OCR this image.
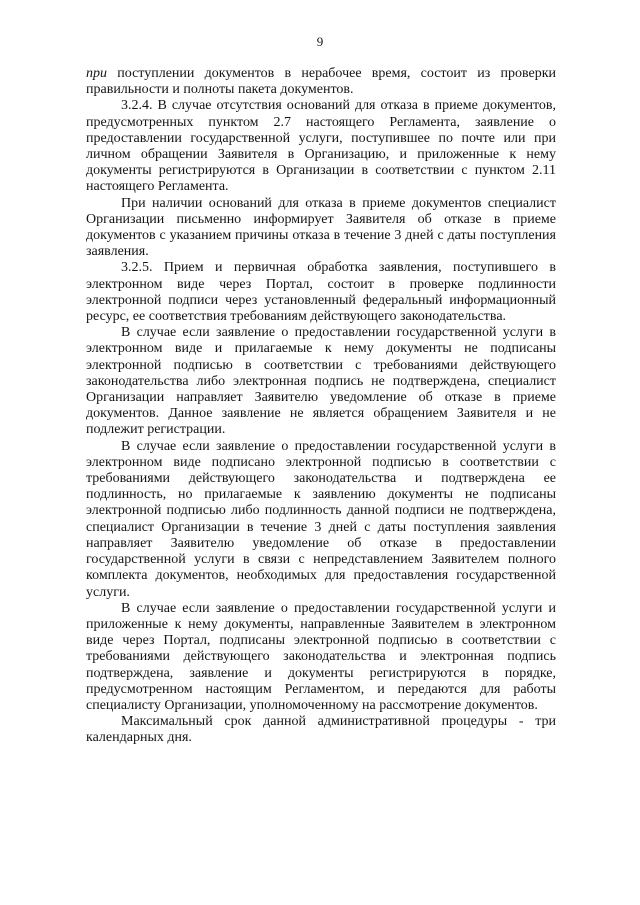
9

при поступлении документов в нерабочее время, состоит из проверки правильности и полноты пакета документов.

3.2.4. В случае отсутствия оснований для отказа в приеме документов, предусмотренных пунктом 2.7 настоящего Регламента, заявление о предоставлении государственной услуги, поступившее по почте или при личном обращении Заявителя в Организацию, и приложенные к нему документы регистрируются в Организации в соответствии с пунктом 2.11 настоящего Регламента.

При наличии оснований для отказа в приеме документов специалист Организации письменно информирует Заявителя об отказе в приеме документов с указанием причины отказа в течение 3 дней с даты поступления заявления.

3.2.5. Прием и первичная обработка заявления, поступившего в электронном виде через Портал, состоит в проверке подлинности электронной подписи через установленный федеральный информационный ресурс, ее соответствия требованиям действующего законодательства.

В случае если заявление о предоставлении государственной услуги в электронном виде и прилагаемые к нему документы не подписаны электронной подписью в соответствии с требованиями действующего законодательства либо электронная подпись не подтверждена, специалист Организации направляет Заявителю уведомление об отказе в приеме документов. Данное заявление не является обращением Заявителя и не подлежит регистрации.

В случае если заявление о предоставлении государственной услуги в электронном виде подписано электронной подписью в соответствии с требованиями действующего законодательства и подтверждена ее подлинность, но прилагаемые к заявлению документы не подписаны электронной подписью либо подлинность данной подписи не подтверждена, специалист Организации в течение 3 дней с даты поступления заявления направляет Заявителю уведомление об отказе в предоставлении государственной услуги в связи с непредставлением Заявителем полного комплекта документов, необходимых для предоставления государственной услуги.

В случае если заявление о предоставлении государственной услуги и приложенные к нему документы, направленные Заявителем в электронном виде через Портал, подписаны электронной подписью в соответствии с требованиями действующего законодательства и электронная подпись подтверждена, заявление и документы регистрируются в порядке, предусмотренном настоящим Регламентом, и передаются для работы специалисту Организации, уполномоченному на рассмотрение документов.

Максимальный срок данной административной процедуры - три календарных дня.
